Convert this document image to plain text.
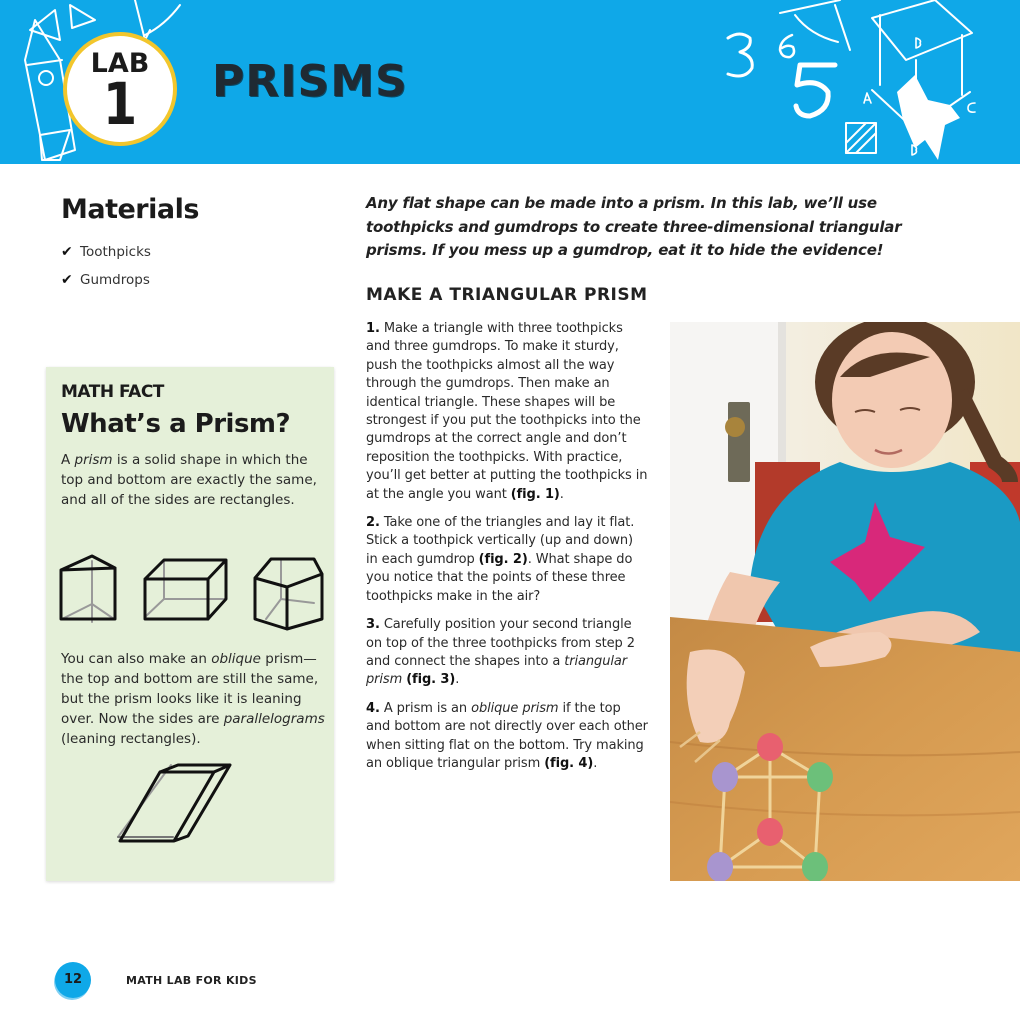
LAB
1	PRISMS
Materials
✔ Toothpicks
✔ Gumdrops
Any flat shape can be made into a prism. In this lab, we’ll use toothpicks and gumdrops to create three-dimensional triangular prisms. If you mess up a gumdrop, eat it to hide the evidence!
MAKE A TRIANGULAR PRISM

1. Make a triangle with three toothpicks and three gumdrops. To make it sturdy, push the toothpicks almost all the way through the gumdrops. Then make an identical triangle. These shapes will be strongest if you put the toothpicks into the gumdrops at the correct angle and don’t reposition the toothpicks. With practice, you’ll get better at putting the toothpicks in at the angle you want (fig. 1).

2. Take one of the triangles and lay it flat. Stick a toothpick vertically (up and down) in each gumdrop (fig. 2). What shape do you notice that the points of these three toothpicks make in the air?

3. Carefully position your second triangle on top of the three toothpicks from step 2 and connect the shapes into a triangular prism (fig. 3).

4. A prism is an oblique prism if the top and bottom are not directly over each other when sitting flat on the bottom. Try making an oblique triangular prism (fig. 4).

MATH FACT
What’s a Prism?
A prism is a solid shape in which the top and bottom are exactly the same, and all of the sides are rectangles.
You can also make an oblique prism—the top and bottom are still the same, but the prism looks like it is leaning over. Now the sides are parallelograms (leaning rectangles).
12	MATH LAB FOR KIDS
